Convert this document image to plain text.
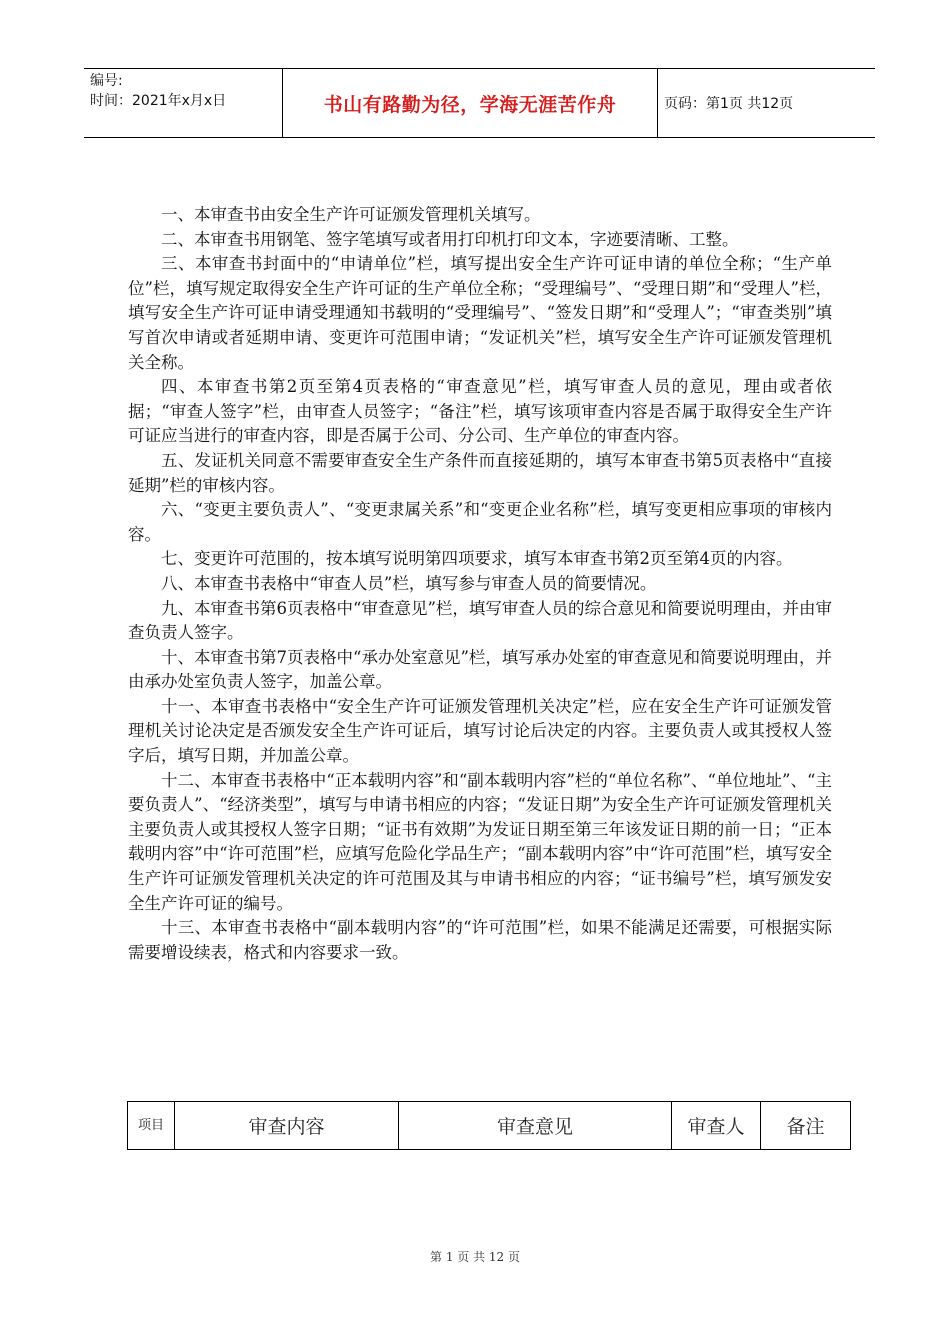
编号:
时间：2021年x月x日	书山有路勤为径，学海无涯苦作舟	页码：第1页 共12页

一、本审查书由安全生产许可证颁发管理机关填写。

二、本审查书用钢笔、签字笔填写或者用打印机打印文本，字迹要清晰、工整。

三、本审查书封面中的“申请单位”栏，填写提出安全生产许可证申请的单位全称；“生产单位”栏，填写规定取得安全生产许可证的生产单位全称；“受理编号”、“受理日期”和“受理人”栏，填写安全生产许可证申请受理通知书载明的“受理编号”、“签发日期”和“受理人”；“审查类别”填写首次申请或者延期申请、变更许可范围申请；“发证机关”栏，填写安全生产许可证颁发管理机关全称。

四、本审查书第2页至第4页表格的“审查意见”栏，填写审查人员的意见，理由或者依据；“审查人签字”栏，由审查人员签字；“备注”栏，填写该项审查内容是否属于取得安全生产许可证应当进行的审查内容，即是否属于公司、分公司、生产单位的审查内容。

五、发证机关同意不需要审查安全生产条件而直接延期的，填写本审查书第5页表格中“直接延期”栏的审核内容。

六、“变更主要负责人”、“变更隶属关系”和“变更企业名称”栏，填写变更相应事项的审核内容。

七、变更许可范围的，按本填写说明第四项要求，填写本审查书第2页至第4页的内容。

八、本审查书表格中“审查人员”栏，填写参与审查人员的简要情况。

九、本审查书第6页表格中“审查意见”栏，填写审查人员的综合意见和简要说明理由，并由审查负责人签字。

十、本审查书第7页表格中“承办处室意见”栏，填写承办处室的审查意见和简要说明理由，并由承办处室负责人签字，加盖公章。

十一、本审查书表格中“安全生产许可证颁发管理机关决定”栏，应在安全生产许可证颁发管理机关讨论决定是否颁发安全生产许可证后，填写讨论后决定的内容。主要负责人或其授权人签字后，填写日期，并加盖公章。

十二、本审查书表格中“正本载明内容”和“副本载明内容”栏的“单位名称”、“单位地址”、“主要负责人”、“经济类型”，填写与申请书相应的内容；“发证日期”为安全生产许可证颁发管理机关主要负责人或其授权人签字日期；“证书有效期”为发证日期至第三年该发证日期的前一日；“正本载明内容”中“许可范围”栏，应填写危险化学品生产；“副本载明内容”中“许可范围”栏，填写安全生产许可证颁发管理机关决定的许可范围及其与申请书相应的内容；“证书编号”栏，填写颁发安全生产许可证的编号。

十三、本审查书表格中“副本载明内容”的“许可范围”栏，如果不能满足还需要，可根据实际需要增设续表，格式和内容要求一致。

项目	审查内容	审查意见	审查人	备注
第 1 页 共 12 页
